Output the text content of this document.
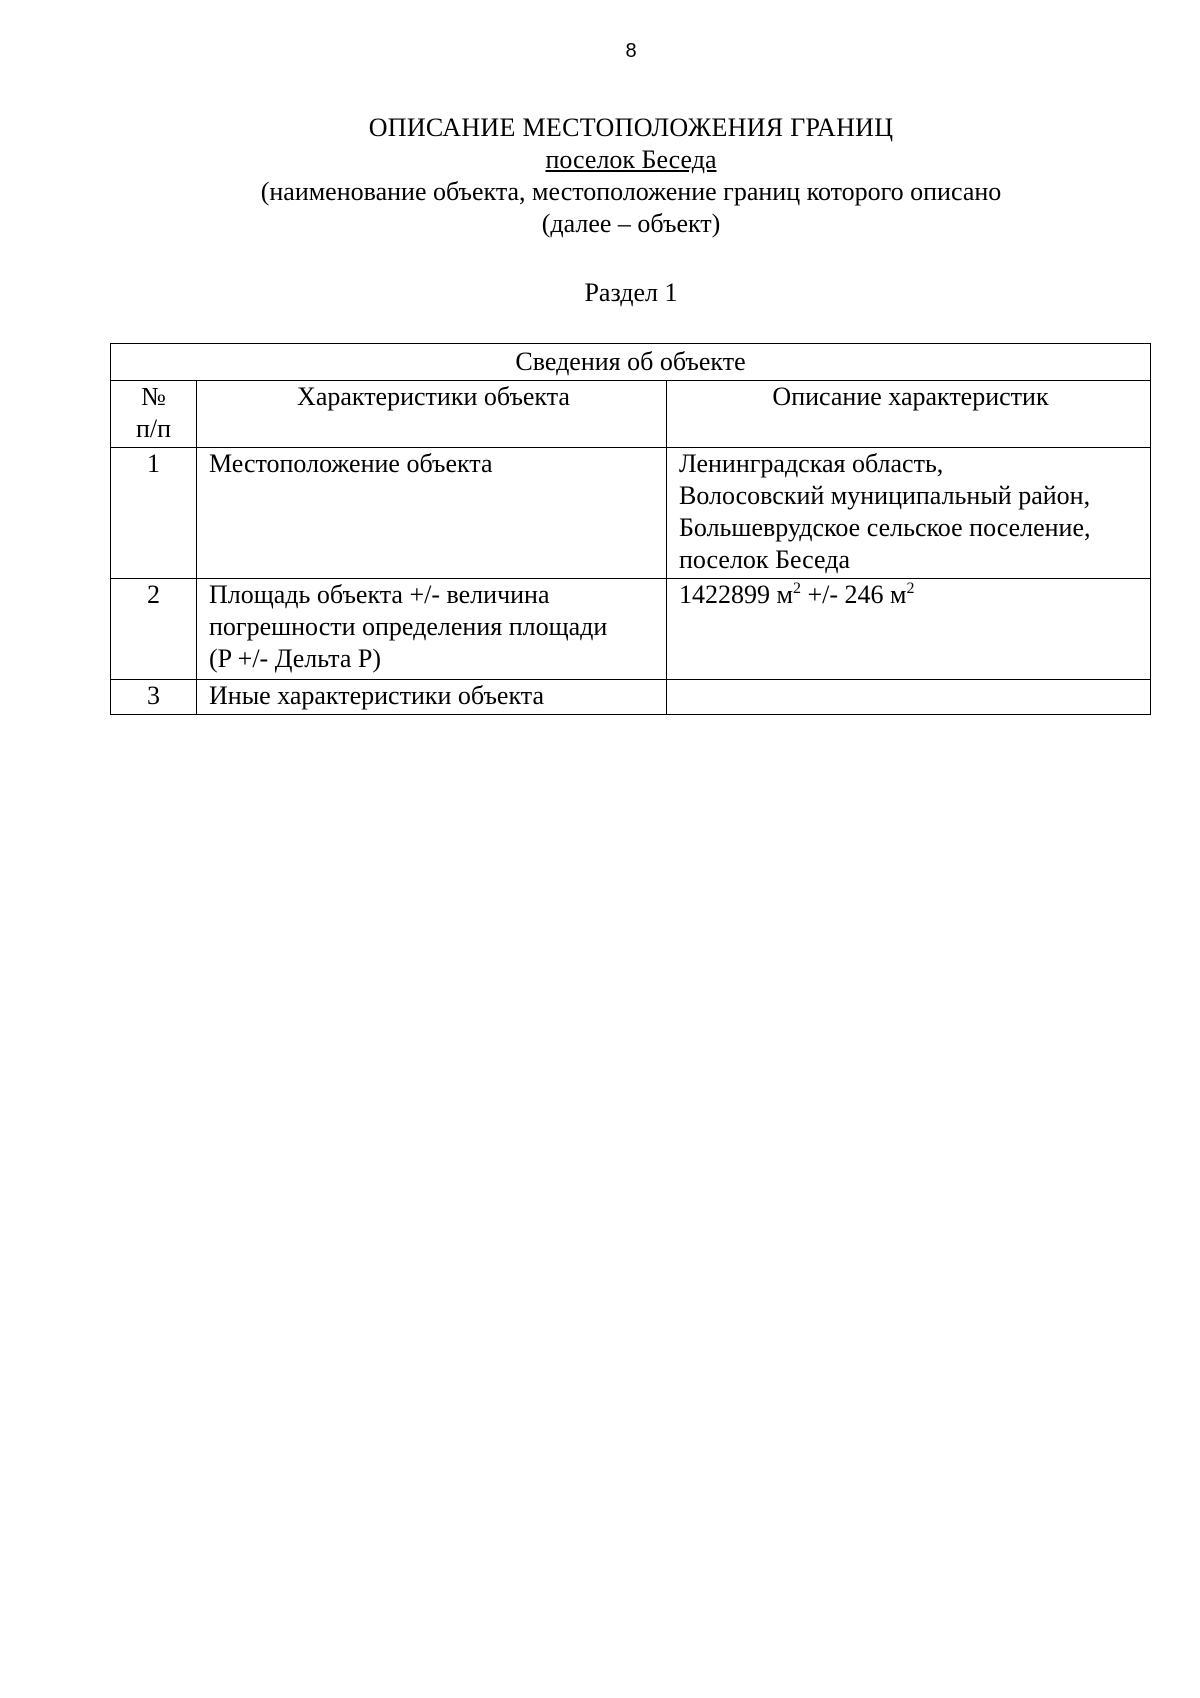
8
ОПИСАНИЕ МЕСТОПОЛОЖЕНИЯ ГРАНИЦ
поселок Беседа
(наименование объекта, местоположение границ которого описано
(далее – объект)
Раздел 1
Сведения об объекте		

№
п/п	Характеристики объекта	Описание характеристик
1	Местоположение объекта	Ленинградская область,
Волосовский муниципальный район,
Большеврудское сельское поселение,
поселок Беседа

2	Площадь объекта +/- величина
погрешности определения площади
(P +/- Дельта P)	1422899 $м^2$ +/- 246 $м^2$
3	Иные характеристики объекта	
